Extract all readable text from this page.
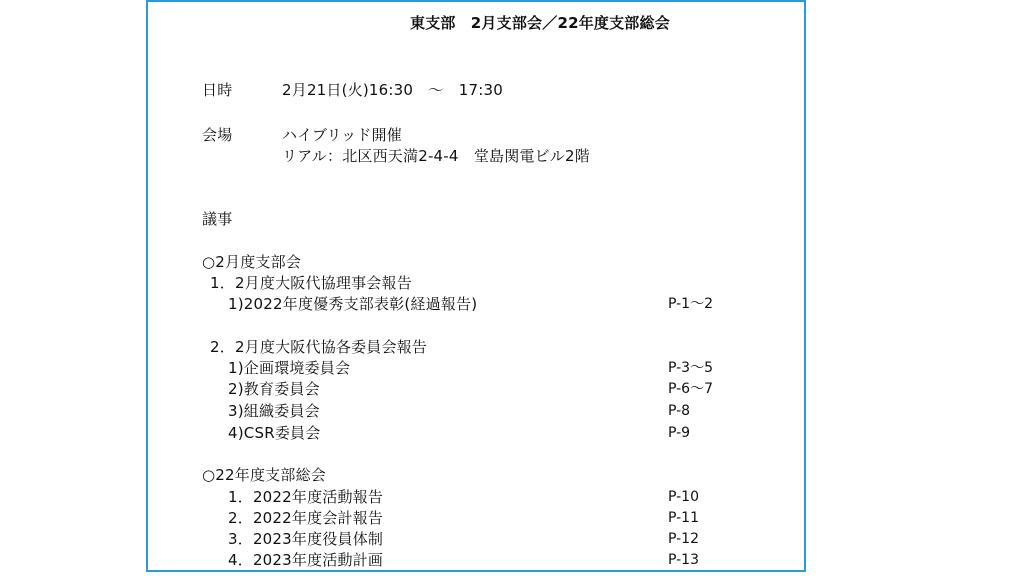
東支部　2月支部会／22年度支部総会
日時	2月21日(火)16:30　～　17:30
会場	ハイブリッド開催
リアル：北区西天満2-4-4　堂島関電ビル2階
議事
○2月度支部会
1．2月度大阪代協理事会報告
1)2022年度優秀支部表彰(経過報告)	P-1～2
2．2月度大阪代協各委員会報告
1)企画環境委員会	P-3～5
2)教育委員会	P-6～7
3)組織委員会	P-8
4)CSR委員会	P-9
○22年度支部総会
1．2022年度活動報告	P-10
2．2022年度会計報告	P-11
3．2023年度役員体制	P-12
4．2023年度活動計画	P-13
